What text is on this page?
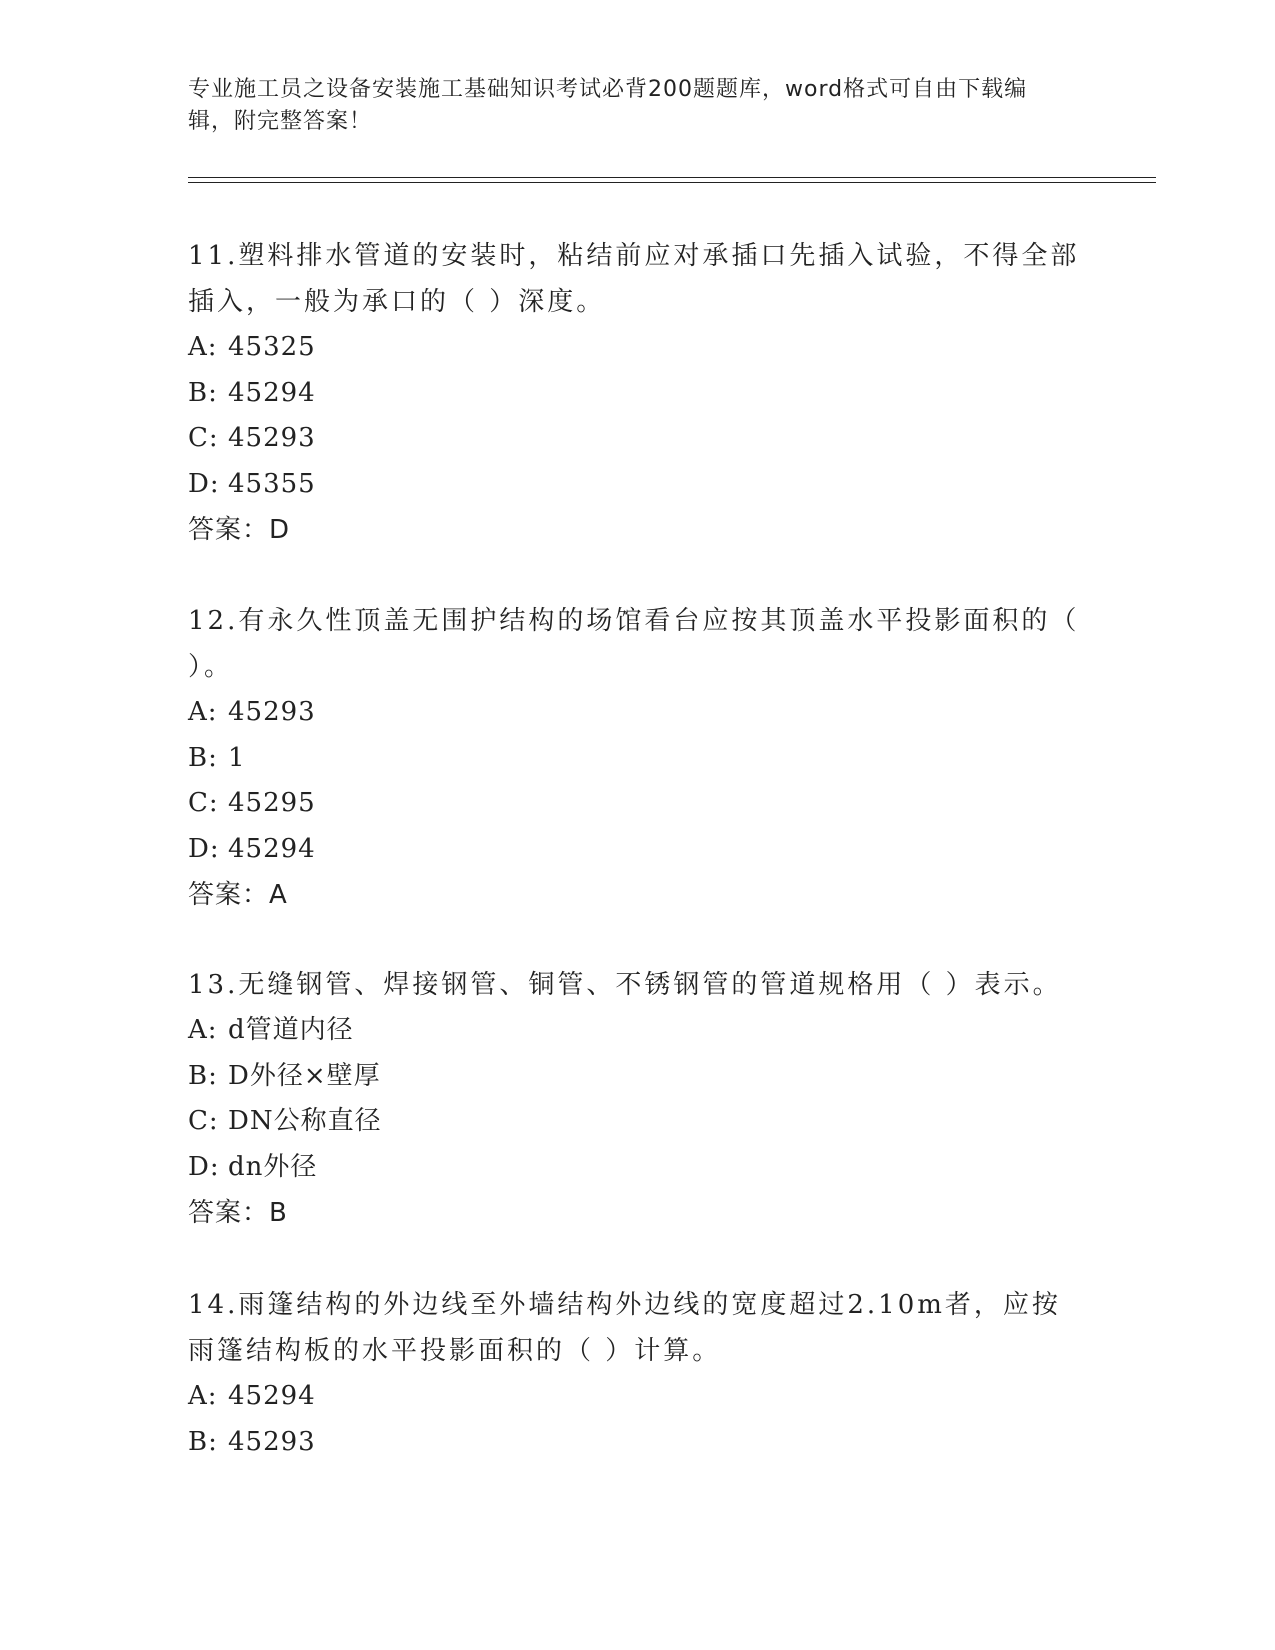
专业施工员之设备安装施工基础知识考试必背200题题库，word格式可自由下载编辑，附完整答案！

11.塑料排水管道的安装时，粘结前应对承插口先插入试验，不得全部插入，一般为承口的（ ）深度。

A: 45325

B: 45294

C: 45293

D: 45355

答案：D

12.有永久性顶盖无围护结构的场馆看台应按其顶盖水平投影面积的（ ）。

A: 45293

B: 1

C: 45295

D: 45294

答案：A

13.无缝钢管、焊接钢管、铜管、不锈钢管的管道规格用（ ）表示。

A: d管道内径

B: D外径×壁厚

C: DN公称直径

D: dn外径

答案：B

14.雨篷结构的外边线至外墙结构外边线的宽度超过2.10m者，应按雨篷结构板的水平投影面积的（ ）计算。

A: 45294

B: 45293
